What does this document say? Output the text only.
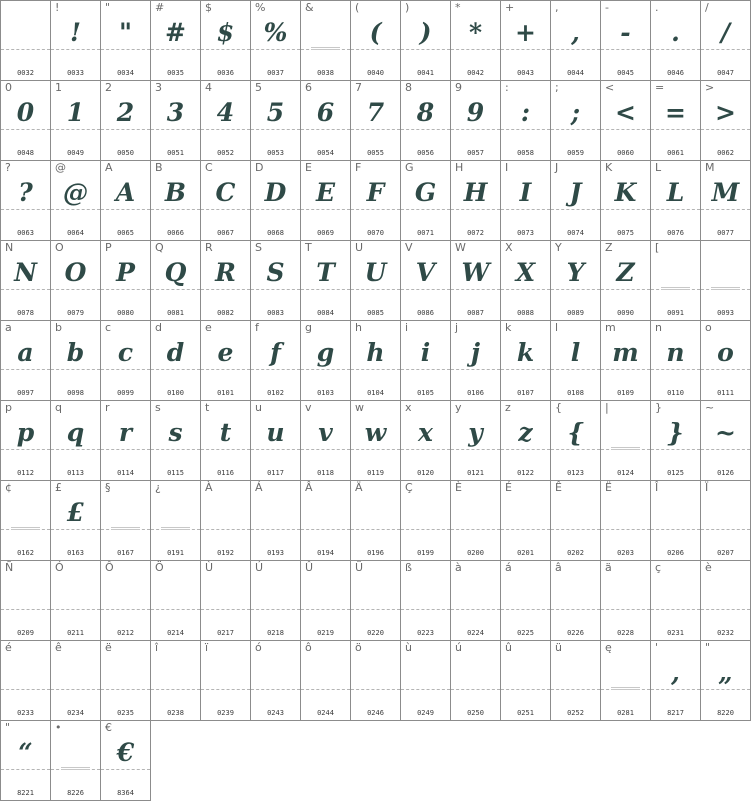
0032
!
!
0033
"
"
0034
#
#
0035
$
$
0036
%
%
0037
&
0038
(
(
0040
)
)
0041
*
*
0042
+
+
0043
,
,
0044
-
-
0045
.
.
0046
/
/
0047
0
0
0048
1
1
0049
2
2
0050
3
3
0051
4
4
0052
5
5
0053
6
6
0054
7
7
0055
8
8
0056
9
9
0057
:
:
0058
;
;
0059
<
<
0060
=
=
0061
>
>
0062
?
?
0063
@
@
0064
A
A
0065
B
B
0066
C
C
0067
D
D
0068
E
E
0069
F
F
0070
G
G
0071
H
H
0072
I
I
0073
J
J
0074
K
K
0075
L
L
0076
M
M
0077
N
N
0078
O
O
0079
P
P
0080
Q
Q
0081
R
R
0082
S
S
0083
T
T
0084
U
U
0085
V
V
0086
W
W
0087
X
X
0088
Y
Y
0089
Z
Z
0090
[
0091	0093
a
a
0097
b
b
0098
c
c
0099
d
d
0100
e
e
0101
f
f
0102
g
g
0103
h
h
0104
i
i
0105
j
j
0106
k
k
0107
l
l
0108
m
m
0109
n
n
0110
o
o
0111
p
p
0112
q
q
0113
r
r
0114
s
s
0115
t
t
0116
u
u
0117
v
v
0118
w
w
0119
x
x
0120
y
y
0121
z
z
0122
{
{
0123
|
0124
}
}
0125
~
~
0126
¢
0162
£
£
0163
§
0167
¿
0191
À
0192
Á
0193
Â
0194
Ä
0196
Ç
0199
È
0200
É
0201
Ê
0202
Ë
0203
Î
0206
Ï
0207
Ñ
0209
Ó
0211
Ô
0212
Ö
0214
Ù
0217
Ú
0218
Û
0219
Ü
0220
ß
0223
à
0224
á
0225
â
0226
ä
0228
ç
0231
è
0232
é
0233
ê
0234
ë
0235
î
0238
ï
0239
ó
0243
ô
0244
ö
0246
ù
0249
ú
0250
û
0251
ü
0252
ę
0281
'
,
8217
"
„
8220
"
“
8221
•
8226
€
€
8364
